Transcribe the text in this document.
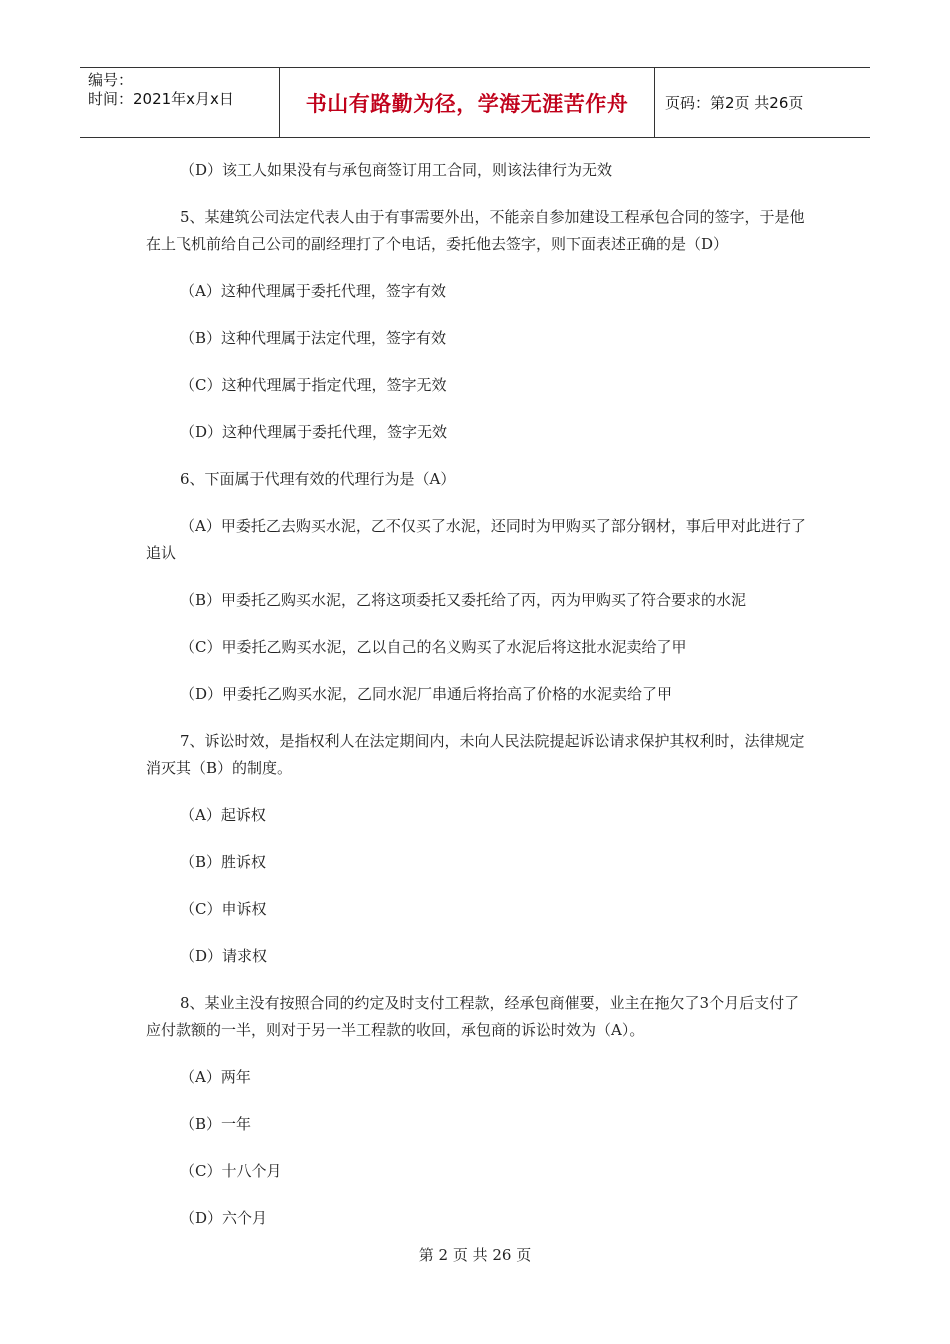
编号：
时间：2021年x月x日	书山有路勤为径，学海无涯苦作舟	页码：第2页 共26页

（D）该工人如果没有与承包商签订用工合同，则该法律行为无效

5、某建筑公司法定代表人由于有事需要外出，不能亲自参加建设工程承包合同的签字，于是他在上飞机前给自己公司的副经理打了个电话，委托他去签字，则下面表述正确的是（D）

（A）这种代理属于委托代理，签字有效

（B）这种代理属于法定代理，签字有效

（C）这种代理属于指定代理，签字无效

（D）这种代理属于委托代理，签字无效

6、下面属于代理有效的代理行为是（A）

（A）甲委托乙去购买水泥，乙不仅买了水泥，还同时为甲购买了部分钢材，事后甲对此进行了追认

（B）甲委托乙购买水泥，乙将这项委托又委托给了丙，丙为甲购买了符合要求的水泥

（C）甲委托乙购买水泥，乙以自己的名义购买了水泥后将这批水泥卖给了甲

（D）甲委托乙购买水泥，乙同水泥厂串通后将抬高了价格的水泥卖给了甲

7、诉讼时效，是指权利人在法定期间内，未向人民法院提起诉讼请求保护其权利时，法律规定消灭其（B）的制度。

（A）起诉权

（B）胜诉权

（C）申诉权

（D）请求权

8、某业主没有按照合同的约定及时支付工程款，经承包商催要，业主在拖欠了3个月后支付了应付款额的一半，则对于另一半工程款的收回，承包商的诉讼时效为（A）。

（A）两年

（B）一年

（C）十八个月

（D）六个月

第 2 页 共 26 页
